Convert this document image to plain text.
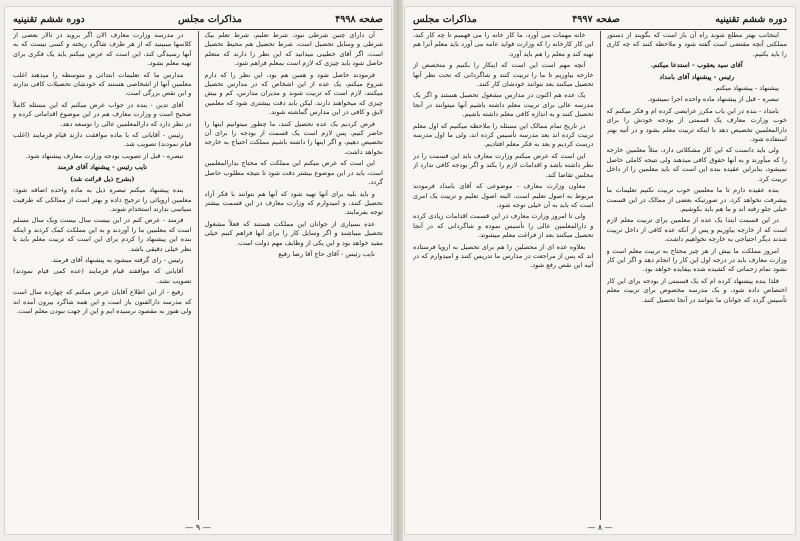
صفحه ۴۹۹۸
مذاکرات مجلس
دوره ششم تقنینیه

آن دارای چنین شرطی نبود، شرط تعلیم، شرط تعلم بیک شرطی و وسایل تحصیل است، شرط تحصیل هم محیط تحصیل است، اگر آقای خطیبی میدانید که این نظر را دارند که متعلم حاصل شود باید چیزی که لازم است بمعلم فراهم شود.

فرمودند حاصل شود و همین هم بود، این نظر را که دارم شروع میکنم، یک عده از این اشخاص که در مدارس تحصیل میکنند، لازم است که تربیت شوند و مدیران مدارس، کم و بیش چیزی که میخواهند دارند، لیکن باید دقت بیشتری شود که معلمین لایق و کافی در این مدارس گماشته شوند.

فرض کردیم یک عده تحصیل کنند، ما چطور میتوانیم اینها را حاضر کنیم، پس لازم است یک قسمت از بودجه را برای آن تخصیص دهیم، و اگر اینها را داشته باشیم مملکت احتیاج به خارجه نخواهد داشت.

این است که عرض میکنم این مملکت که محتاج بدارالمعلمین است، باید در این موضوع بیشتر دقت شود تا نتیجه مطلوب حاصل گردد.

و باید بلیه برای آنها تهیه شود که آنها هم بتوانند با فکر آزاد تحصیل کنند، و امیدوارم که وزارت معارف در این قسمت بیشتر توجه بفرمایند.

عده بسیاری از جوانان این مملکت هستند که فعلاً مشغول تحصیل میباشند و اگر وسایل کار را برای آنها فراهم کنیم خیلی مفید خواهد بود و این یکی از وظایف مهم دولت است.

نایب رئیس - آقای حاج آقا رضا رفیع

در مدرسه وزارت معارف الان اگر بروید در تالار بعضی از کلاسها میبینید که از هر طرف شاگرد ریخته و کسی نیست که به آنها رسیدگی کند، این است که عرض میکنم باید یک فکری برای تهیه معلم بشود.

مدارس ما که تعلیمات ابتدائی و متوسطه را میدهند اغلب معلمین آنها از اشخاصی هستند که خودشان تحصیلات کافی ندارند و این نقص بزرگی است.

آقای تدین - بنده در جواب عرض میکنم که این مسئله کاملاً صحیح است و وزارت معارف هم در این موضوع اقداماتی کرده و در نظر دارد که دارالمعلمین عالی را توسعه دهد.

رئیس - آقایانی که با ماده موافقت دارند قیام فرمایند (اغلب قیام نمودند) تصویب شد.

تبصره - قبل از تصویب بودجه وزارت معارف پیشنهاد شود.

نایب رئیس - پیشنهاد آقای فرمند

(بشرح ذیل قرائت شد)

بنده پیشنهاد میکنم تبصره ذیل به ماده واحده اضافه شود: معلمین اروپائی را ترجیح داده و بهتر است از ممالکی که طرفیت سیاسی ندارند استخدام شوند.

فرمند - عرض کنم در این بیست سال بیست ویک سال مسلم است که معلمین ما را آوردند و به این مملکت کمک کردند و اینکه بنده این پیشنهاد را کردم برای این است که تربیت معلم باید با نظر خیلی دقیقی باشد.

رئیس - رای گرفته میشود به پیشنهاد آقای فرمند.

آقایانی که موافقند قیام فرمایند (عده کمی قیام نمودند) تصویب نشد.

رفیع - از این اطلاع آقایان عرض میکنم که چهارده سال است که مدرسه دارالفنون باز است و این همه شاگرد بیرون آمده اند ولی هنوز به مقصود نرسیده ایم و این از جهت نبودن معلم است.

— ۹ —
دوره ششم تقنینیه
صفحه ۴۹۹۷
مذاکرات مجلس

اینجانب بهتر مطلع شوند راه آن باز است که بگویند از دستور مملکتی آنچه مقتضی است گفته شود و ملاحظه کنند که چه کاری را باید بکنیم.

آقای سید یعقوب - استدعا میکنم.

رئیس - پیشنهاد آقای بامداد

پیشنهاد - پیشنهاد میکنم.

تبصره - قبل از پیشنهاد ماده واحده اجرا نمیشود.

بامداد - بنده در این باب مکرر عرایضی کرده ام و فکر میکنم که خوب وزارت معارف یک قسمتی از بودجه خودش را برای دارالمعلمین تخصیص دهد تا اینکه تربیت معلم بشود و در آتیه بهتر استفاده شود.

ولی باید دانست که این کار مشکلاتی دارد، مثلاً معلمین خارجه را که میآورند و به آنها حقوق کافی میدهند ولی نتیجه کاملی حاصل نمیشود، بنابراین عقیده بنده این است که باید معلمین را از داخل تربیت کرد.

بنده عقیده دارم تا ما معلمین خوب تربیت نکنیم تعلیمات ما پیشرفت نخواهد کرد، در صورتیکه بعضی از ممالک در این قسمت خیلی جلو رفته اند و ما هم باید بکوشیم.

در این قسمت ابتدا یک عده از معلمین برای تربیت معلم لازم است که از خارجه بیاوریم و پس از آنکه عده کافی از داخل تربیت شدند دیگر احتیاجی به خارجه نخواهیم داشت.

امروز مملکت ما بیش از هر چیز محتاج به تربیت معلم است و وزارت معارف باید در درجه اول این کار را انجام دهد و اگر این کار نشود تمام زحماتی که کشیده شده بیفایده خواهد بود.

فلذا بنده پیشنهاد کرده ام که یک قسمتی از بودجه برای این کار اختصاص داده شود، و یک مدرسه مخصوص برای تربیت معلم تأسیس گردد که جوانان ما بتوانند در آنجا تحصیل کنند.

خانه مهمات می آورد، ما کار خانه را می فهمیم تا چه کار کند، این کار کارخانه را که وزارت فواید عامه می آورد باید معلم آنرا هم تهیه کند و معلم را هم باید آورد.

آنچه مهم است این است که اینکار را بکنیم و متخصص از خارجه بیاوریم تا ما را تربیت کنند و شاگردانی که تحت نظر آنها تحصیل میکنند بعد بتوانند خودشان کار کنند.

یک عده هم اکنون در مدارس مشغول تحصیل هستند و اگر یک مدرسه عالی برای تربیت معلم داشته باشیم آنها میتوانند در آنجا تحصیل کنند و به اندازه کافی معلم داشته باشیم.

در تاریخ تمام ممالک این مسئله را ملاحظه میکنیم که اول معلم تربیت کرده اند بعد مدرسه تأسیس کرده اند، ولی ما اول مدرسه درست کردیم و بعد به فکر معلم افتادیم.

این است که عرض میکنم وزارت معارف باید این قسمت را در نظر داشته باشد و اقدامات لازم را بکند و اگر بودجه کافی ندارد از مجلس تقاضا کند.

معاون وزارت معارف - موضوعی که آقای بامداد فرمودند مربوط به اصول تعلیم است، البته اصول تعلیم و تربیت یک امری است که باید به آن خیلی توجه شود.

ولی تا امروز وزارت معارف در این قسمت اقدامات زیادی کرده و دارالمعلمین عالی را تأسیس نموده و شاگردانی که در آنجا تحصیل میکنند بعد از فراغت معلم میشوند.

بعلاوه عده ای از محصلین را هم برای تحصیل به اروپا فرستاده اند که پس از مراجعت در مدارس ما تدریس کنند و امیدوارم که در آتیه این نقص رفع شود.

— ۸ —
